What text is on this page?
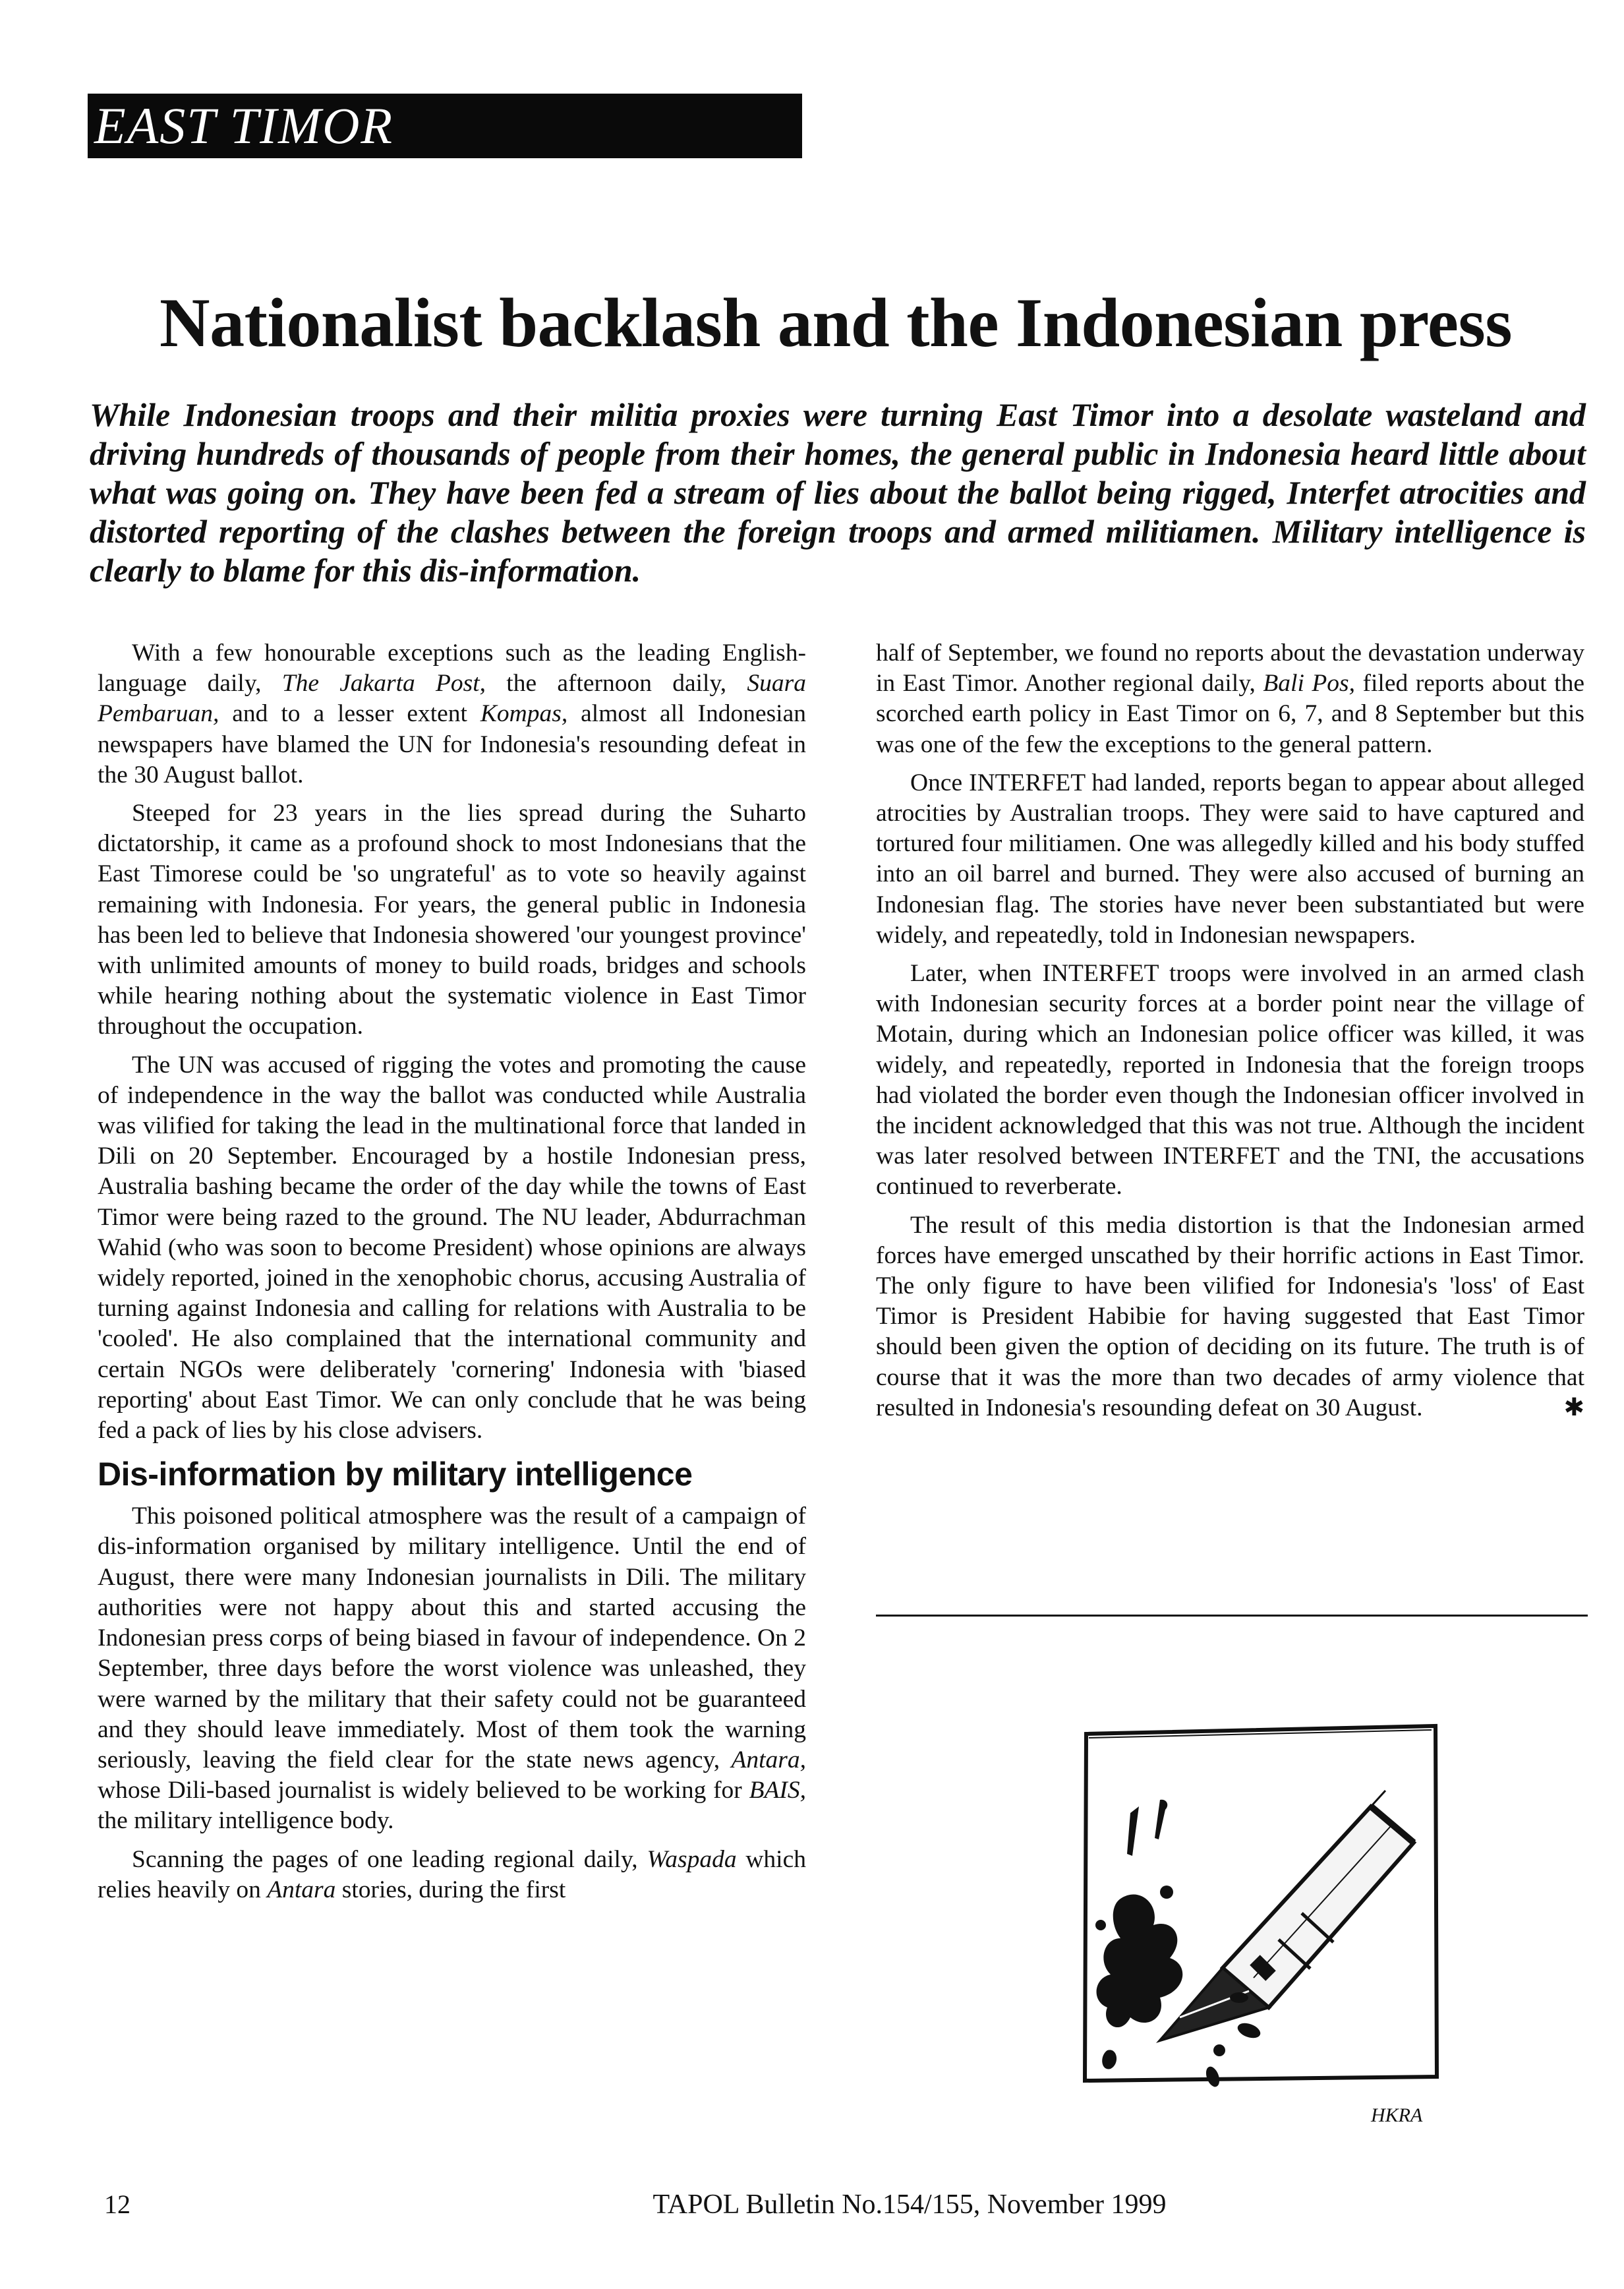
EAST TIMOR
Nationalist backlash and the Indonesian press

While Indonesian troops and their militia proxies were turning East Timor into a desolate wasteland and driving hundreds of thousands of people from their homes, the general public in Indonesia heard little about what was going on. They have been fed a stream of lies about the ballot being rigged, Interfet atrocities and distorted reporting of the clashes between the foreign troops and armed militiamen. Military intelligence is clearly to blame for this dis-information.

With a few honourable exceptions such as the leading English-language daily, The Jakarta Post, the afternoon daily, Suara Pembaruan, and to a lesser extent Kompas, almost all Indonesian newspapers have blamed the UN for Indonesia's resounding defeat in the 30 August ballot.

Steeped for 23 years in the lies spread during the Suharto dictatorship, it came as a profound shock to most Indonesians that the East Timorese could be 'so ungrateful' as to vote so heavily against remaining with Indonesia. For years, the general public in Indonesia has been led to believe that Indonesia showered 'our youngest province' with unlimited amounts of money to build roads, bridges and schools while hearing nothing about the systematic violence in East Timor throughout the occupation.

The UN was accused of rigging the votes and promoting the cause of independence in the way the ballot was conducted while Australia was vilified for taking the lead in the multinational force that landed in Dili on 20 September. Encouraged by a hostile Indonesian press, Australia bashing became the order of the day while the towns of East Timor were being razed to the ground. The NU leader, Abdurrachman Wahid (who was soon to become President) whose opinions are always widely reported, joined in the xenophobic chorus, accusing Australia of turning against Indonesia and calling for relations with Australia to be 'cooled'. He also complained that the international community and certain NGOs were deliberately 'cornering' Indonesia with 'biased reporting' about East Timor. We can only conclude that he was being fed a pack of lies by his close advisers.

Dis-information by military intelligence

This poisoned political atmosphere was the result of a campaign of dis-information organised by military intelligence. Until the end of August, there were many Indonesian journalists in Dili. The military authorities were not happy about this and started accusing the Indonesian press corps of being biased in favour of independence. On 2 September, three days before the worst violence was unleashed, they were warned by the military that their safety could not be guaranteed and they should leave immediately. Most of them took the warning seriously, leaving the field clear for the state news agency, Antara, whose Dili-based journalist is widely believed to be working for BAIS, the military intelligence body.

Scanning the pages of one leading regional daily, Waspada which relies heavily on Antara stories, during the first

half of September, we found no reports about the devastation underway in East Timor. Another regional daily, Bali Pos, filed reports about the scorched earth policy in East Timor on 6, 7, and 8 September but this was one of the few the exceptions to the general pattern.

Once INTERFET had landed, reports began to appear about alleged atrocities by Australian troops. They were said to have captured and tortured four militiamen. One was allegedly killed and his body stuffed into an oil barrel and burned. They were also accused of burning an Indonesian flag. The stories have never been substantiated but were widely, and repeatedly, told in Indonesian newspapers.

Later, when INTERFET troops were involved in an armed clash with Indonesian security forces at a border point near the village of Motain, during which an Indonesian police officer was killed, it was widely, and repeatedly, reported in Indonesia that the foreign troops had violated the border even though the Indonesian officer involved in the incident acknowledged that this was not true. Although the incident was later resolved between INTERFET and the TNI, the accusations continued to reverberate.

The result of this media distortion is that the Indonesian armed forces have emerged unscathed by their horrific actions in East Timor. The only figure to have been vilified for Indonesia's 'loss' of East Timor is President Habibie for having suggested that East Timor should been given the option of deciding on its future. The truth is of course that it was the more than two decades of army violence that resulted in Indonesia's resounding defeat on 30 August.	✱

HKRA
12	TAPOL Bulletin No.154/155, November 1999
